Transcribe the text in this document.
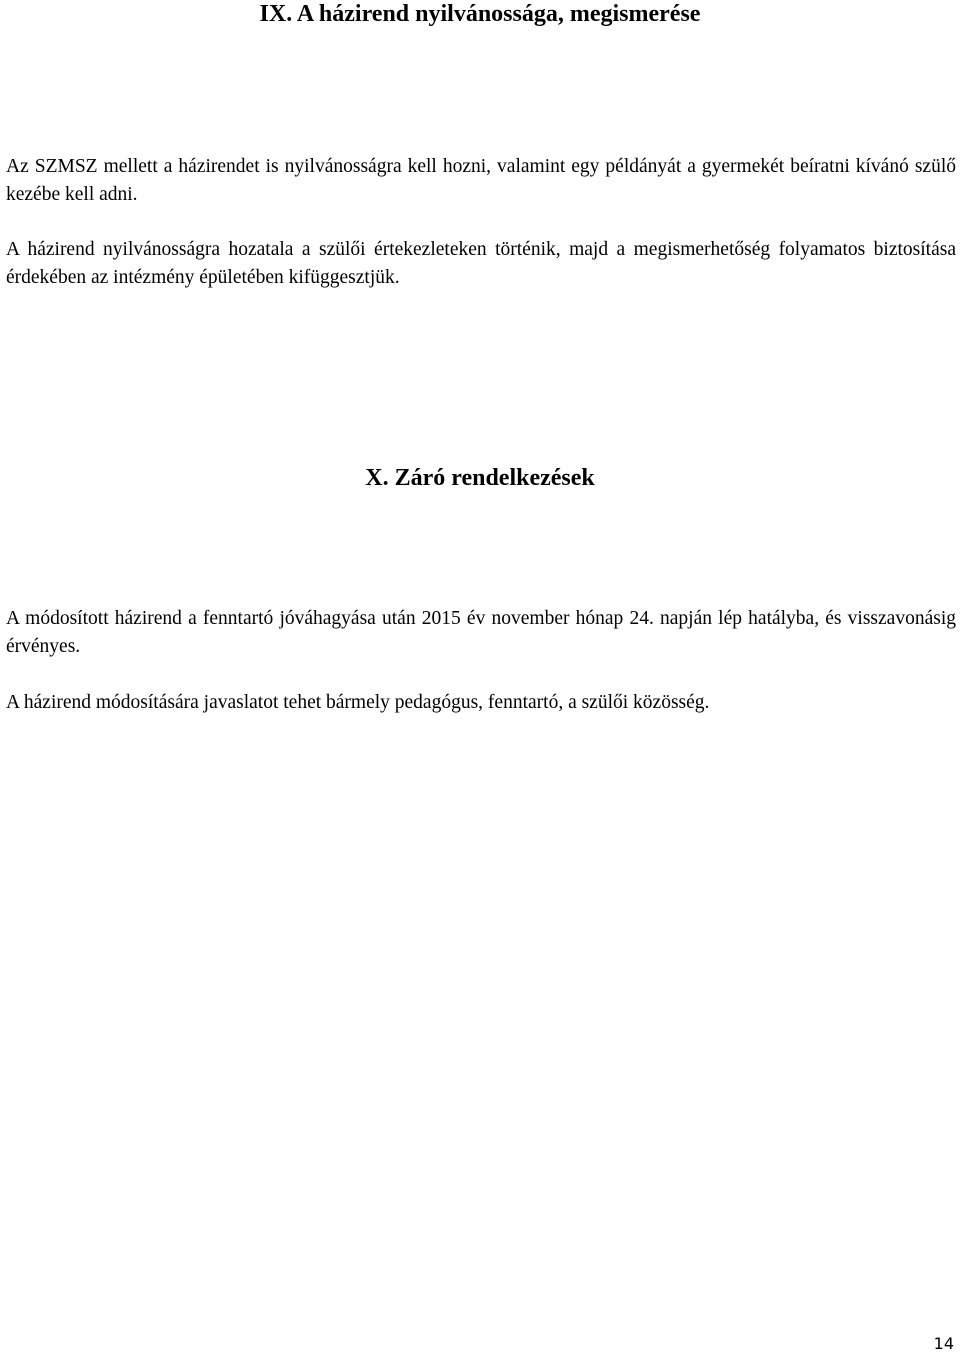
IX. A házirend nyilvánossága, megismerése

Az SZMSZ mellett a házirendet is nyilvánosságra kell hozni, valamint egy példányát a gyermekét beíratni kívánó szülő kezébe kell adni.

A házirend nyilvánosságra hozatala a szülői értekezleteken történik, majd a megismerhetőség folyamatos biztosítása érdekében az intézmény épületében kifüggesztjük.

X. Záró rendelkezések

A módosított házirend a fenntartó jóváhagyása után 2015 év november hónap 24. napján lép hatályba, és visszavonásig érvényes.

A házirend módosítására javaslatot tehet bármely pedagógus, fenntartó, a szülői közösség.

14
